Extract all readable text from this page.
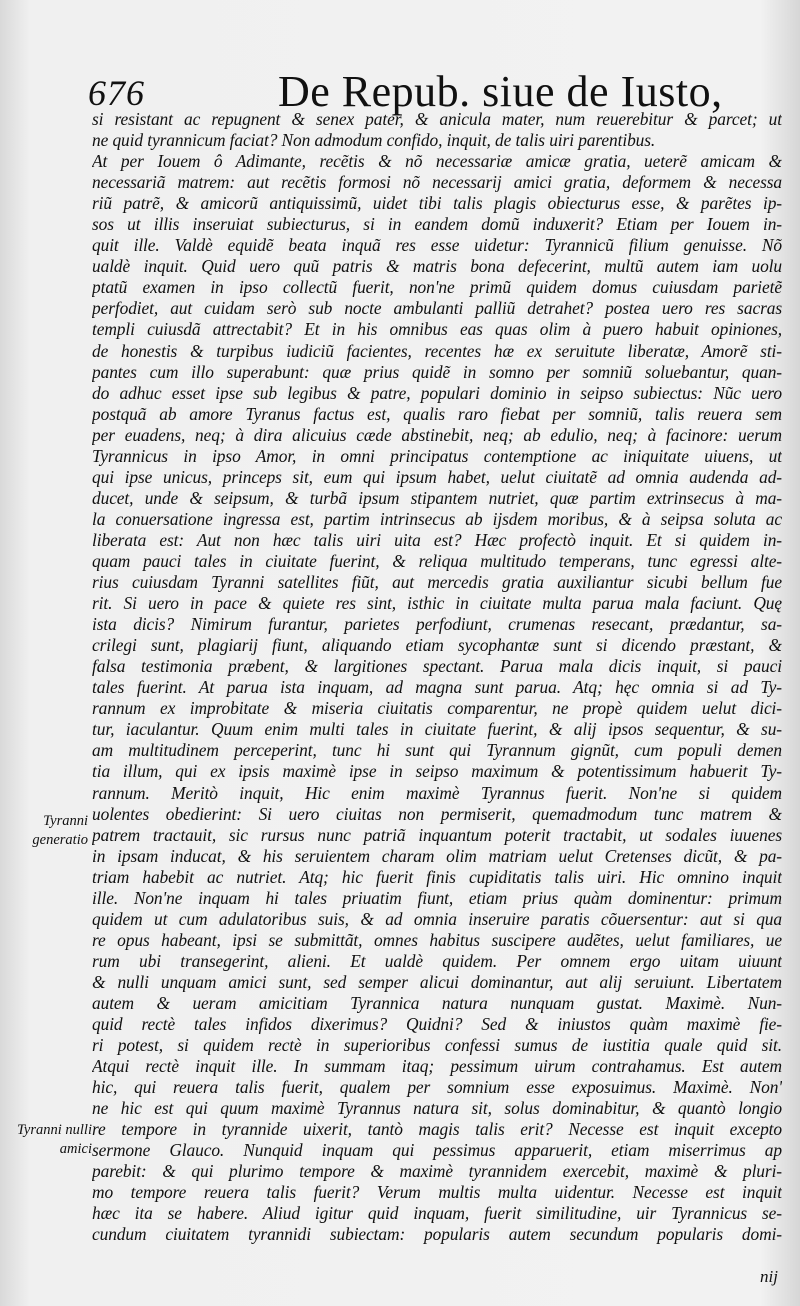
676	De Repub. siue de Iusto,
Tyranni
generatio
Tyranni nulli
amici
si resistant ac repugnent & senex pater, & anicula mater, num reuerebitur & parcet; ut
ne quid tyrannicum faciat? Non admodum confido, inquit, de talis uiri parentibus.
At per Iouem ô Adimante, recẽtis & nõ necessariæ amicæ gratia, ueterẽ amicam &
necessariã matrem: aut recẽtis formosi nõ necessarij amici gratia, deformem & necessa
riũ patrẽ, & amicorũ antiquissimũ, uidet tibi talis plagis obiecturus esse, & parẽtes ip-
sos ut illis inseruiat subiecturus, si in eandem domũ induxerit? Etiam per Iouem in-
quit ille. Valdè equidẽ beata inquã res esse uidetur: Tyrannicũ filium genuisse. Nõ
ualdè inquit. Quid uero quũ patris & matris bona defecerint, multũ autem iam uolu
ptatũ examen in ipso collectũ fuerit, non'ne primũ quidem domus cuiusdam parietẽ
perfodiet, aut cuidam serò sub nocte ambulanti palliũ detrahet? postea uero res sacras
templi cuiusdã attrectabit? Et in his omnibus eas quas olim à puero habuit opiniones,
de honestis & turpibus iudiciũ facientes, recentes hæ ex seruitute liberatæ, Amorẽ sti-
pantes cum illo superabunt: quæ prius quidẽ in somno per somniũ soluebantur, quan-
do adhuc esset ipse sub legibus & patre, populari dominio in seipso subiectus: Nũc uero
postquã ab amore Tyranus factus est, qualis raro fiebat per somniũ, talis reuera sem
per euadens, neq; à dira alicuius cæde abstinebit, neq; ab edulio, neq; à facinore: uerum
Tyrannicus in ipso Amor, in omni principatus contemptione ac iniquitate uiuens, ut
qui ipse unicus, princeps sit, eum qui ipsum habet, uelut ciuitatẽ ad omnia audenda ad-
ducet, unde & seipsum, & turbã ipsum stipantem nutriet, quæ partim extrinsecus à ma-
la conuersatione ingressa est, partim intrinsecus ab ijsdem moribus, & à seipsa soluta ac
liberata est: Aut non hæc talis uiri uita est? Hæc profectò inquit. Et si quidem in-
quam pauci tales in ciuitate fuerint, & reliqua multitudo temperans, tunc egressi alte-
rius cuiusdam Tyranni satellites fiũt, aut mercedis gratia auxiliantur sicubi bellum fue
rit. Si uero in pace & quiete res sint, isthic in ciuitate multa parua mala faciunt. Quę
ista dicis? Nimirum furantur, parietes perfodiunt, crumenas resecant, prædantur, sa-
crilegi sunt, plagiarij fiunt, aliquando etiam sycophantæ sunt si dicendo præstant, &
falsa testimonia præbent, & largitiones spectant. Parua mala dicis inquit, si pauci
tales fuerint. At parua ista inquam, ad magna sunt parua. Atq; hęc omnia si ad Ty-
rannum ex improbitate & miseria ciuitatis comparentur, ne propè quidem uelut dici-
tur, iaculantur. Quum enim multi tales in ciuitate fuerint, & alij ipsos sequentur, & su-
am multitudinem perceperint, tunc hi sunt qui Tyrannum gignũt, cum populi demen
tia illum, qui ex ipsis maximè ipse in seipso maximum & potentissimum habuerit Ty-
rannum. Meritò inquit, Hic enim maximè Tyrannus fuerit. Non'ne si quidem
uolentes obedierint: Si uero ciuitas non permiserit, quemadmodum tunc matrem &
patrem tractauit, sic rursus nunc patriã inquantum poterit tractabit, ut sodales iuuenes
in ipsam inducat, & his seruientem charam olim matriam uelut Cretenses dicũt, & pa-
triam habebit ac nutriet. Atq; hic fuerit finis cupiditatis talis uiri. Hic omnino inquit
ille. Non'ne inquam hi tales priuatim fiunt, etiam prius quàm dominentur: primum
quidem ut cum adulatoribus suis, & ad omnia inseruire paratis cõuersentur: aut si qua
re opus habeant, ipsi se submittãt, omnes habitus suscipere audẽtes, uelut familiares, ue
rum ubi transegerint, alieni. Et ualdè quidem. Per omnem ergo uitam uiuunt
& nulli unquam amici sunt, sed semper alicui dominantur, aut alij seruiunt. Libertatem
autem & ueram amicitiam Tyrannica natura nunquam gustat. Maximè. Nun-
quid rectè tales infidos dixerimus? Quidni? Sed & iniustos quàm maximè fie-
ri potest, si quidem rectè in superioribus confessi sumus de iustitia quale quid sit.
Atqui rectè inquit ille. In summam itaq; pessimum uirum contrahamus. Est autem
hic, qui reuera talis fuerit, qualem per somnium esse exposuimus. Maximè. Non'
ne hic est qui quum maximè Tyrannus natura sit, solus dominabitur, & quantò longio
re tempore in tyrannide uixerit, tantò magis talis erit? Necesse est inquit excepto
sermone Glauco. Nunquid inquam qui pessimus apparuerit, etiam miserrimus ap
parebit: & qui plurimo tempore & maximè tyrannidem exercebit, maximè & pluri-
mo tempore reuera talis fuerit? Verum multis multa uidentur. Necesse est inquit
hæc ita se habere. Aliud igitur quid inquam, fuerit similitudine, uir Tyrannicus se-
cundum ciuitatem tyrannidi subiectam: popularis autem secundum popularis domi-
nij
